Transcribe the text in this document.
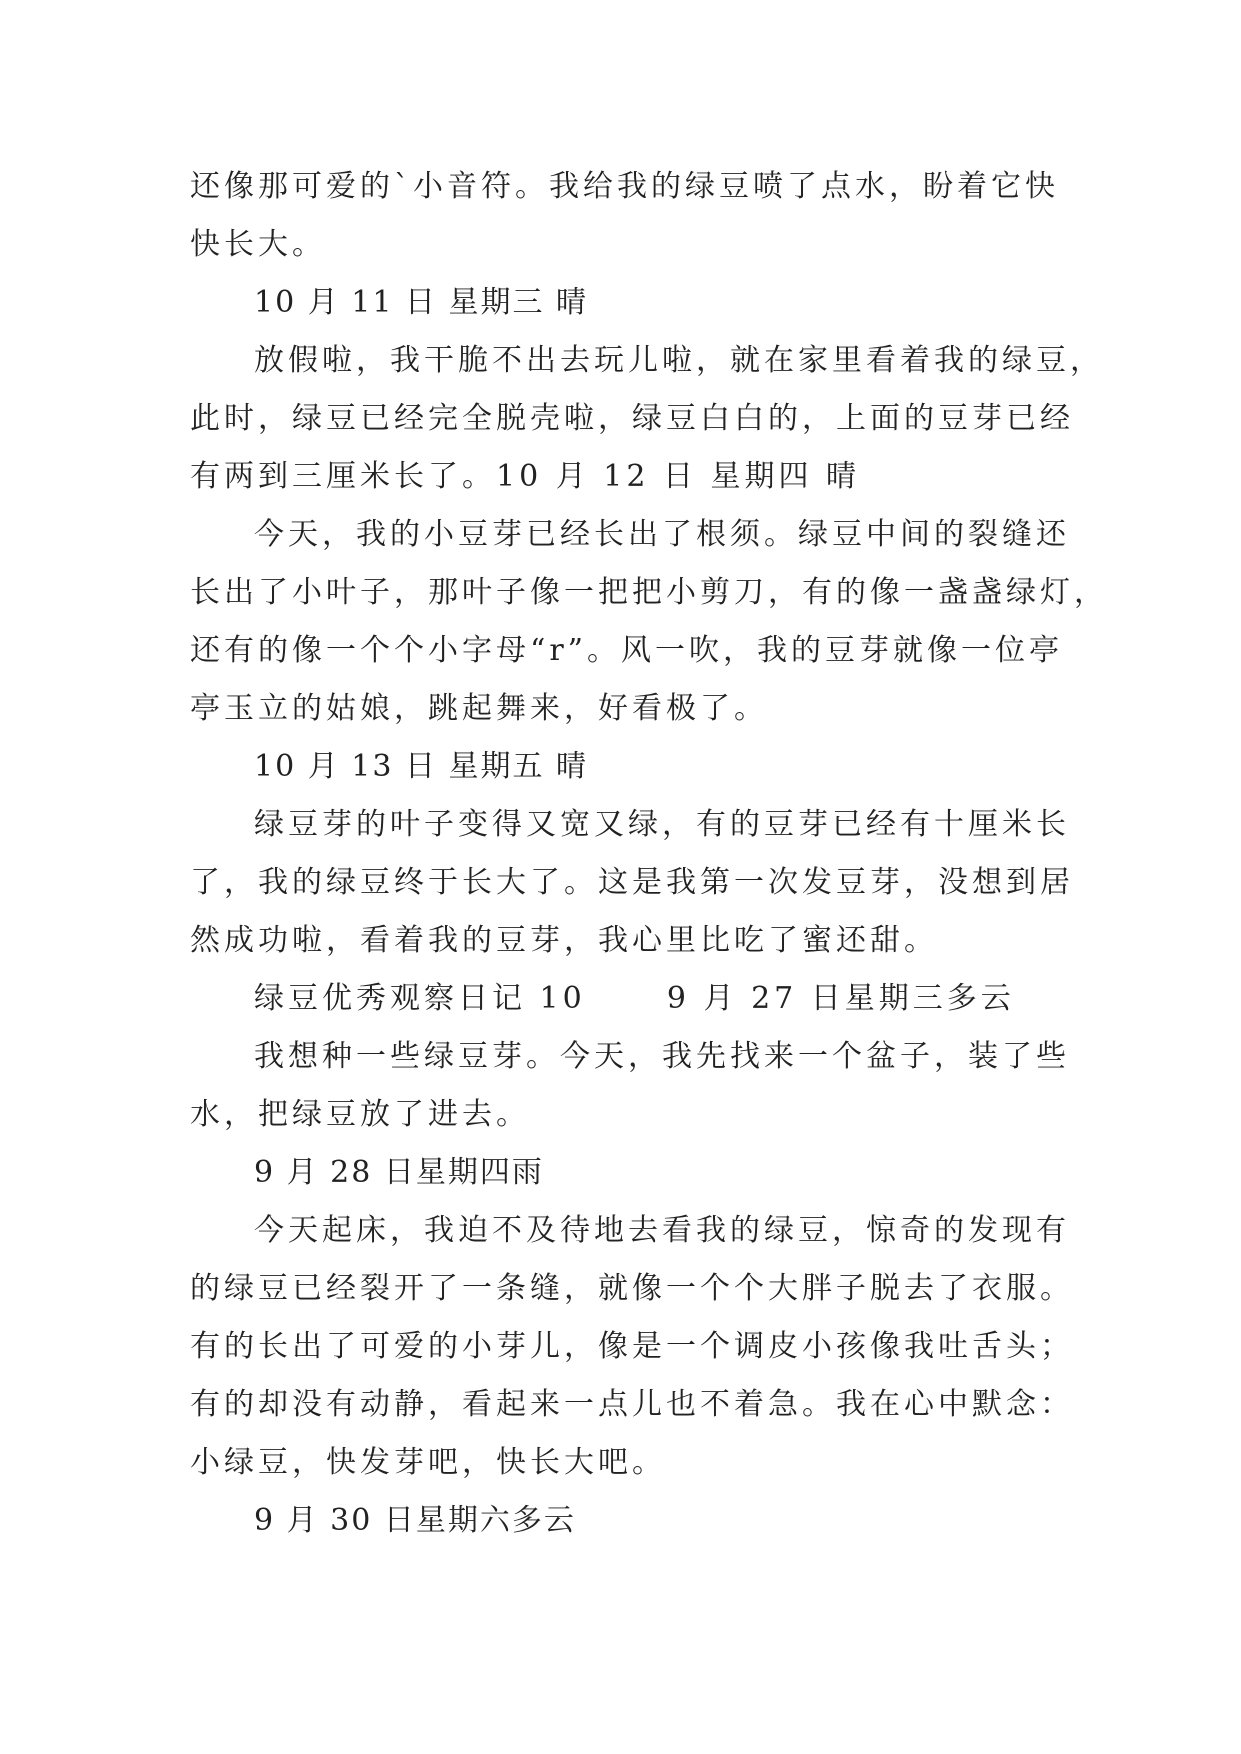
还像那可爱的`小音符。我给我的绿豆喷了点水，盼着它快

快长大。

10 月 11 日 星期三 晴

放假啦，我干脆不出去玩儿啦，就在家里看着我的绿豆，

此时，绿豆已经完全脱壳啦，绿豆白白的，上面的豆芽已经

有两到三厘米长了。10 月 12 日 星期四 晴

今天，我的小豆芽已经长出了根须。绿豆中间的裂缝还

长出了小叶子，那叶子像一把把小剪刀，有的像一盏盏绿灯，

还有的像一个个小字母“r”。风一吹，我的豆芽就像一位亭

亭玉立的姑娘，跳起舞来，好看极了。

10 月 13 日 星期五 晴

绿豆芽的叶子变得又宽又绿，有的豆芽已经有十厘米长

了，我的绿豆终于长大了。这是我第一次发豆芽，没想到居

然成功啦，看着我的豆芽，我心里比吃了蜜还甜。

绿豆优秀观察日记 10      9 月 27 日星期三多云

我想种一些绿豆芽。今天，我先找来一个盆子，装了些

水，把绿豆放了进去。

9 月 28 日星期四雨

今天起床，我迫不及待地去看我的绿豆，惊奇的发现有

的绿豆已经裂开了一条缝，就像一个个大胖子脱去了衣服。

有的长出了可爱的小芽儿，像是一个调皮小孩像我吐舌头；

有的却没有动静，看起来一点儿也不着急。我在心中默念：

小绿豆，快发芽吧，快长大吧。

9 月 30 日星期六多云
